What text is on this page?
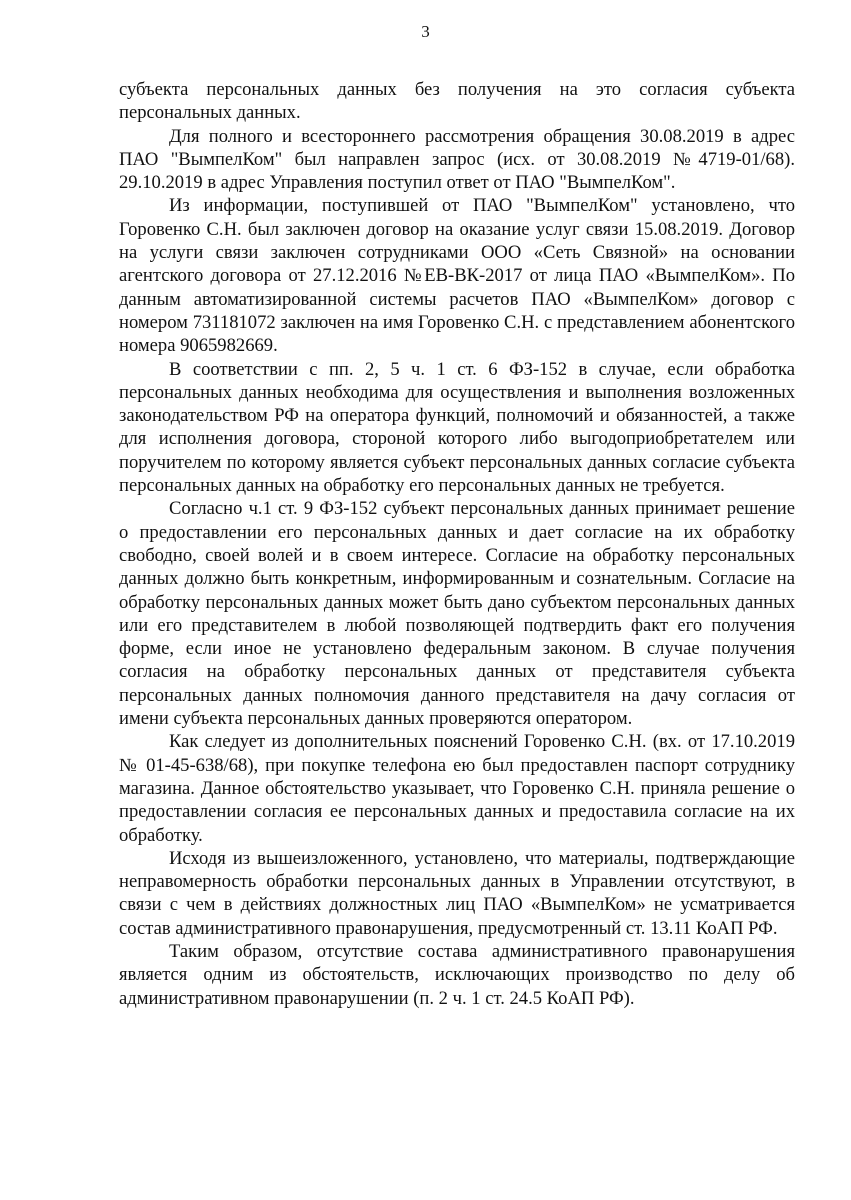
3

субъекта персональных данных без получения на это согласия субъекта персональных данных.

Для полного и всестороннего рассмотрения обращения 30.08.2019 в адрес ПАО "ВымпелКом" был направлен запрос (исх. от 30.08.2019 №4719-01/68). 29.10.2019 в адрес Управления поступил ответ от ПАО "ВымпелКом".

Из информации, поступившей от ПАО "ВымпелКом" установлено, что Горовенко С.Н. был заключен договор на оказание услуг связи 15.08.2019. Договор на услуги связи заключен сотрудниками ООО «Сеть Связной» на основании агентского договора от 27.12.2016 №ЕВ-ВК-2017 от лица ПАО «ВымпелКом». По данным автоматизированной системы расчетов ПАО «ВымпелКом» договор с номером 731181072 заключен на имя Горовенко С.Н. с представлением абонентского номера 9065982669.

В соответствии с пп. 2, 5 ч. 1 ст. 6 ФЗ-152 в случае, если обработка персональных данных необходима для осуществления и выполнения возложенных законодательством РФ на оператора функций, полномочий и обязанностей, а также для исполнения договора, стороной которого либо выгодоприобретателем или поручителем по которому является субъект персональных данных согласие субъекта персональных данных на обработку его персональных данных не требуется.

Согласно ч.1 ст. 9 ФЗ-152 субъект персональных данных принимает решение о предоставлении его персональных данных и дает согласие на их обработку свободно, своей волей и в своем интересе. Согласие на обработку персональных данных должно быть конкретным, информированным и сознательным. Согласие на обработку персональных данных может быть дано субъектом персональных данных или его представителем в любой позволяющей подтвердить факт его получения форме, если иное не установлено федеральным законом. В случае получения согласия на обработку персональных данных от представителя субъекта персональных данных полномочия данного представителя на дачу согласия от имени субъекта персональных данных проверяются оператором.

Как следует из дополнительных пояснений Горовенко С.Н. (вх. от 17.10.2019 № 01-45-638/68), при покупке телефона ею был предоставлен паспорт сотруднику магазина. Данное обстоятельство указывает, что Горовенко С.Н. приняла решение о предоставлении согласия ее персональных данных и предоставила согласие на их обработку.

Исходя из вышеизложенного, установлено, что материалы, подтверждающие неправомерность обработки персональных данных в Управлении отсутствуют, в связи с чем в действиях должностных лиц ПАО «ВымпелКом» не усматривается состав административного правонарушения, предусмотренный ст. 13.11 КоАП РФ.

Таким образом, отсутствие состава административного правонарушения является одним из обстоятельств, исключающих производство по делу об административном правонарушении (п. 2 ч. 1 ст. 24.5 КоАП РФ).
